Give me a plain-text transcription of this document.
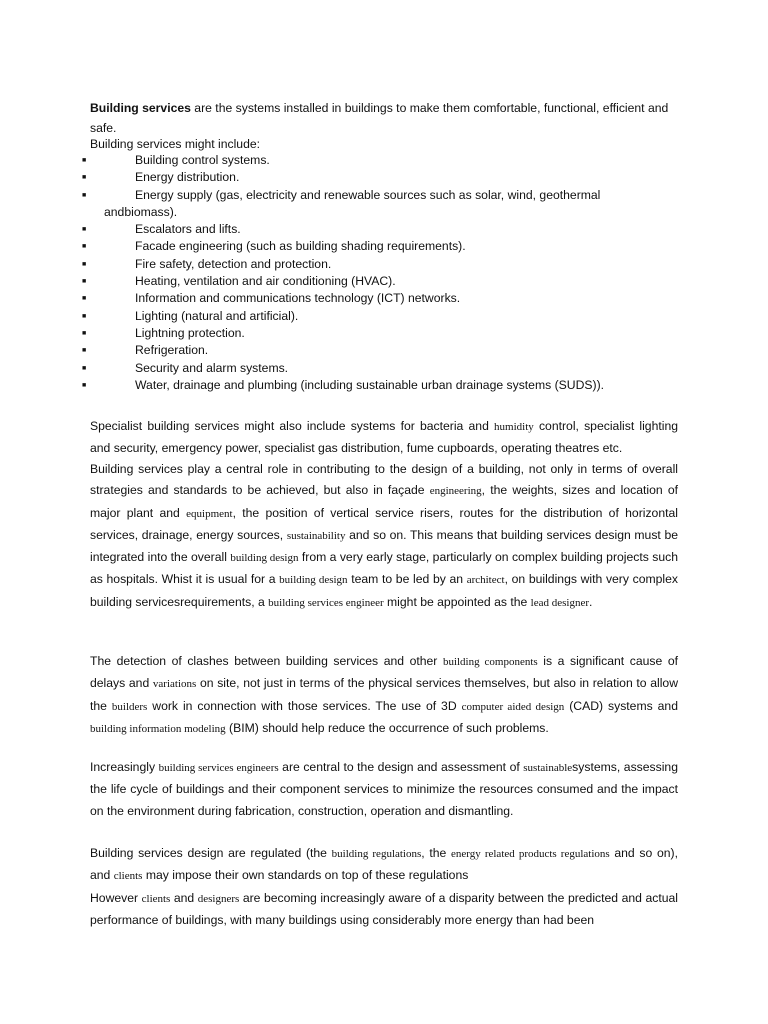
Building services are the systems installed in buildings to make them comfortable, functional, efficient and safe.
Building services might include:
■	Building control systems.
■	Energy distribution.
■	Energy supply (gas, electricity and renewable sources such as solar, wind, geothermal
andbiomass).
■	Escalators and lifts.
■	Facade engineering (such as building shading requirements).
■	Fire safety, detection and protection.
■	Heating, ventilation and air conditioning (HVAC).
■	Information and communications technology (ICT) networks.
■	Lighting (natural and artificial).
■	Lightning protection.
■	Refrigeration.
■	Security and alarm systems.
■	Water, drainage and plumbing (including sustainable urban drainage systems (SUDS)).

Specialist building services might also include systems for bacteria and humidity control, specialist lighting and security, emergency power, specialist gas distribution, fume cupboards, operating theatres etc.

Building services play a central role in contributing to the design of a building, not only in terms of overall strategies and standards to be achieved, but also in façade engineering, the weights, sizes and location of major plant and equipment, the position of vertical service risers, routes for the distribution of horizontal services, drainage, energy sources, sustainability and so on. This means that building services design must be integrated into the overall building design from a very early stage, particularly on complex building projects such as hospitals. Whist it is usual for a building design team to be led by an architect, on buildings with very complex building servicesrequirements, a building services engineer might be appointed as the lead designer.

The detection of clashes between building services and other building components is a significant cause of delays and variations on site, not just in terms of the physical services themselves, but also in relation to allow the builders work in connection with those services. The use of 3D computer aided design (CAD) systems and building information modeling (BIM) should help reduce the occurrence of such problems.

Increasingly building services engineers are central to the design and assessment of sustainablesystems, assessing the life cycle of buildings and their component services to minimize the resources consumed and the impact on the environment during fabrication, construction, operation and dismantling.

Building services design are regulated (the building regulations, the energy related products regulations and so on), and clients may impose their own standards on top of these regulations
However clients and designers are becoming increasingly aware of a disparity between the predicted and actual performance of buildings, with many buildings using considerably more energy than had been
